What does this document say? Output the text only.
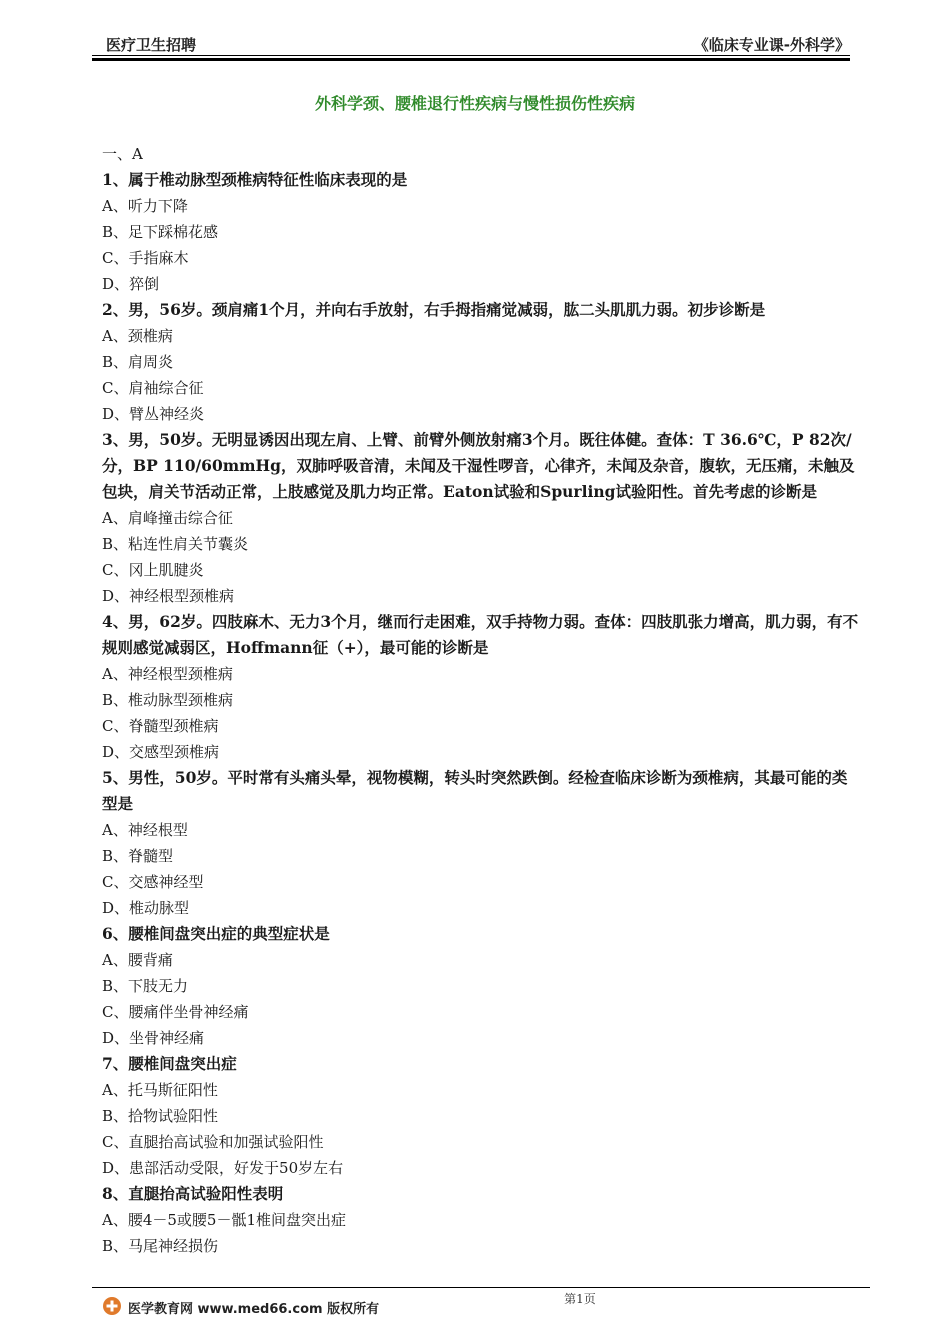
医疗卫生招聘	《临床专业课-外科学》
外科学颈、腰椎退行性疾病与慢性损伤性疾病
一、A
1、属于椎动脉型颈椎病特征性临床表现的是
A、听力下降
B、足下踩棉花感
C、手指麻木
D、猝倒
2、男，56岁。颈肩痛1个月，并向右手放射，右手拇指痛觉减弱，肱二头肌肌力弱。初步诊断是
A、颈椎病
B、肩周炎
C、肩袖综合征
D、臂丛神经炎
3、男，50岁。无明显诱因出现左肩、上臂、前臂外侧放射痛3个月。既往体健。查体：T 36.6℃，P 82次/分，BP 110/60mmHg，双肺呼吸音清，未闻及干湿性啰音，心律齐，未闻及杂音，腹软，无压痛，未触及包块，肩关节活动正常，上肢感觉及肌力均正常。Eaton试验和Spurling试验阳性。首先考虑的诊断是
A、肩峰撞击综合征
B、粘连性肩关节囊炎
C、冈上肌腱炎
D、神经根型颈椎病
4、男，62岁。四肢麻木、无力3个月，继而行走困难，双手持物力弱。查体：四肢肌张力增高，肌力弱，有不规则感觉减弱区，Hoffmann征（+），最可能的诊断是
A、神经根型颈椎病
B、椎动脉型颈椎病
C、脊髓型颈椎病
D、交感型颈椎病
5、男性，50岁。平时常有头痛头晕，视物模糊，转头时突然跌倒。经检查临床诊断为颈椎病，其最可能的类型是
A、神经根型
B、脊髓型
C、交感神经型
D、椎动脉型
6、腰椎间盘突出症的典型症状是
A、腰背痛
B、下肢无力
C、腰痛伴坐骨神经痛
D、坐骨神经痛
7、腰椎间盘突出症
A、托马斯征阳性
B、拾物试验阳性
C、直腿抬高试验和加强试验阳性
D、患部活动受限，好发于50岁左右
8、直腿抬高试验阳性表明
A、腰4－5或腰5－骶1椎间盘突出症
B、马尾神经损伤
第1页
医学教育网 www.med66.com 版权所有
